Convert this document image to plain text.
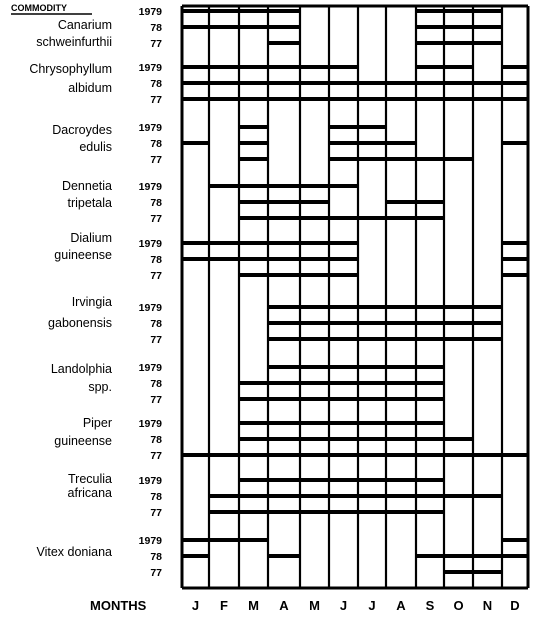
COMMODITY
Canarium
schweinfurthii
1979
78
77
Chrysophyllum
albidum
1979
78
77
Dacroydes
edulis
1979
78
77
Dennetia
tripetala
1979
78
77
Dialium
guineense
1979
78
77
Irvingia
gabonensis
1979
78
77
Landolphia
spp.
1979
78
77
Piper
guineense
1979
78
77
Treculia
africana
1979
78
77
Vitex doniana
1979
78
77
MONTHS	J F M A M J J A S O N D
